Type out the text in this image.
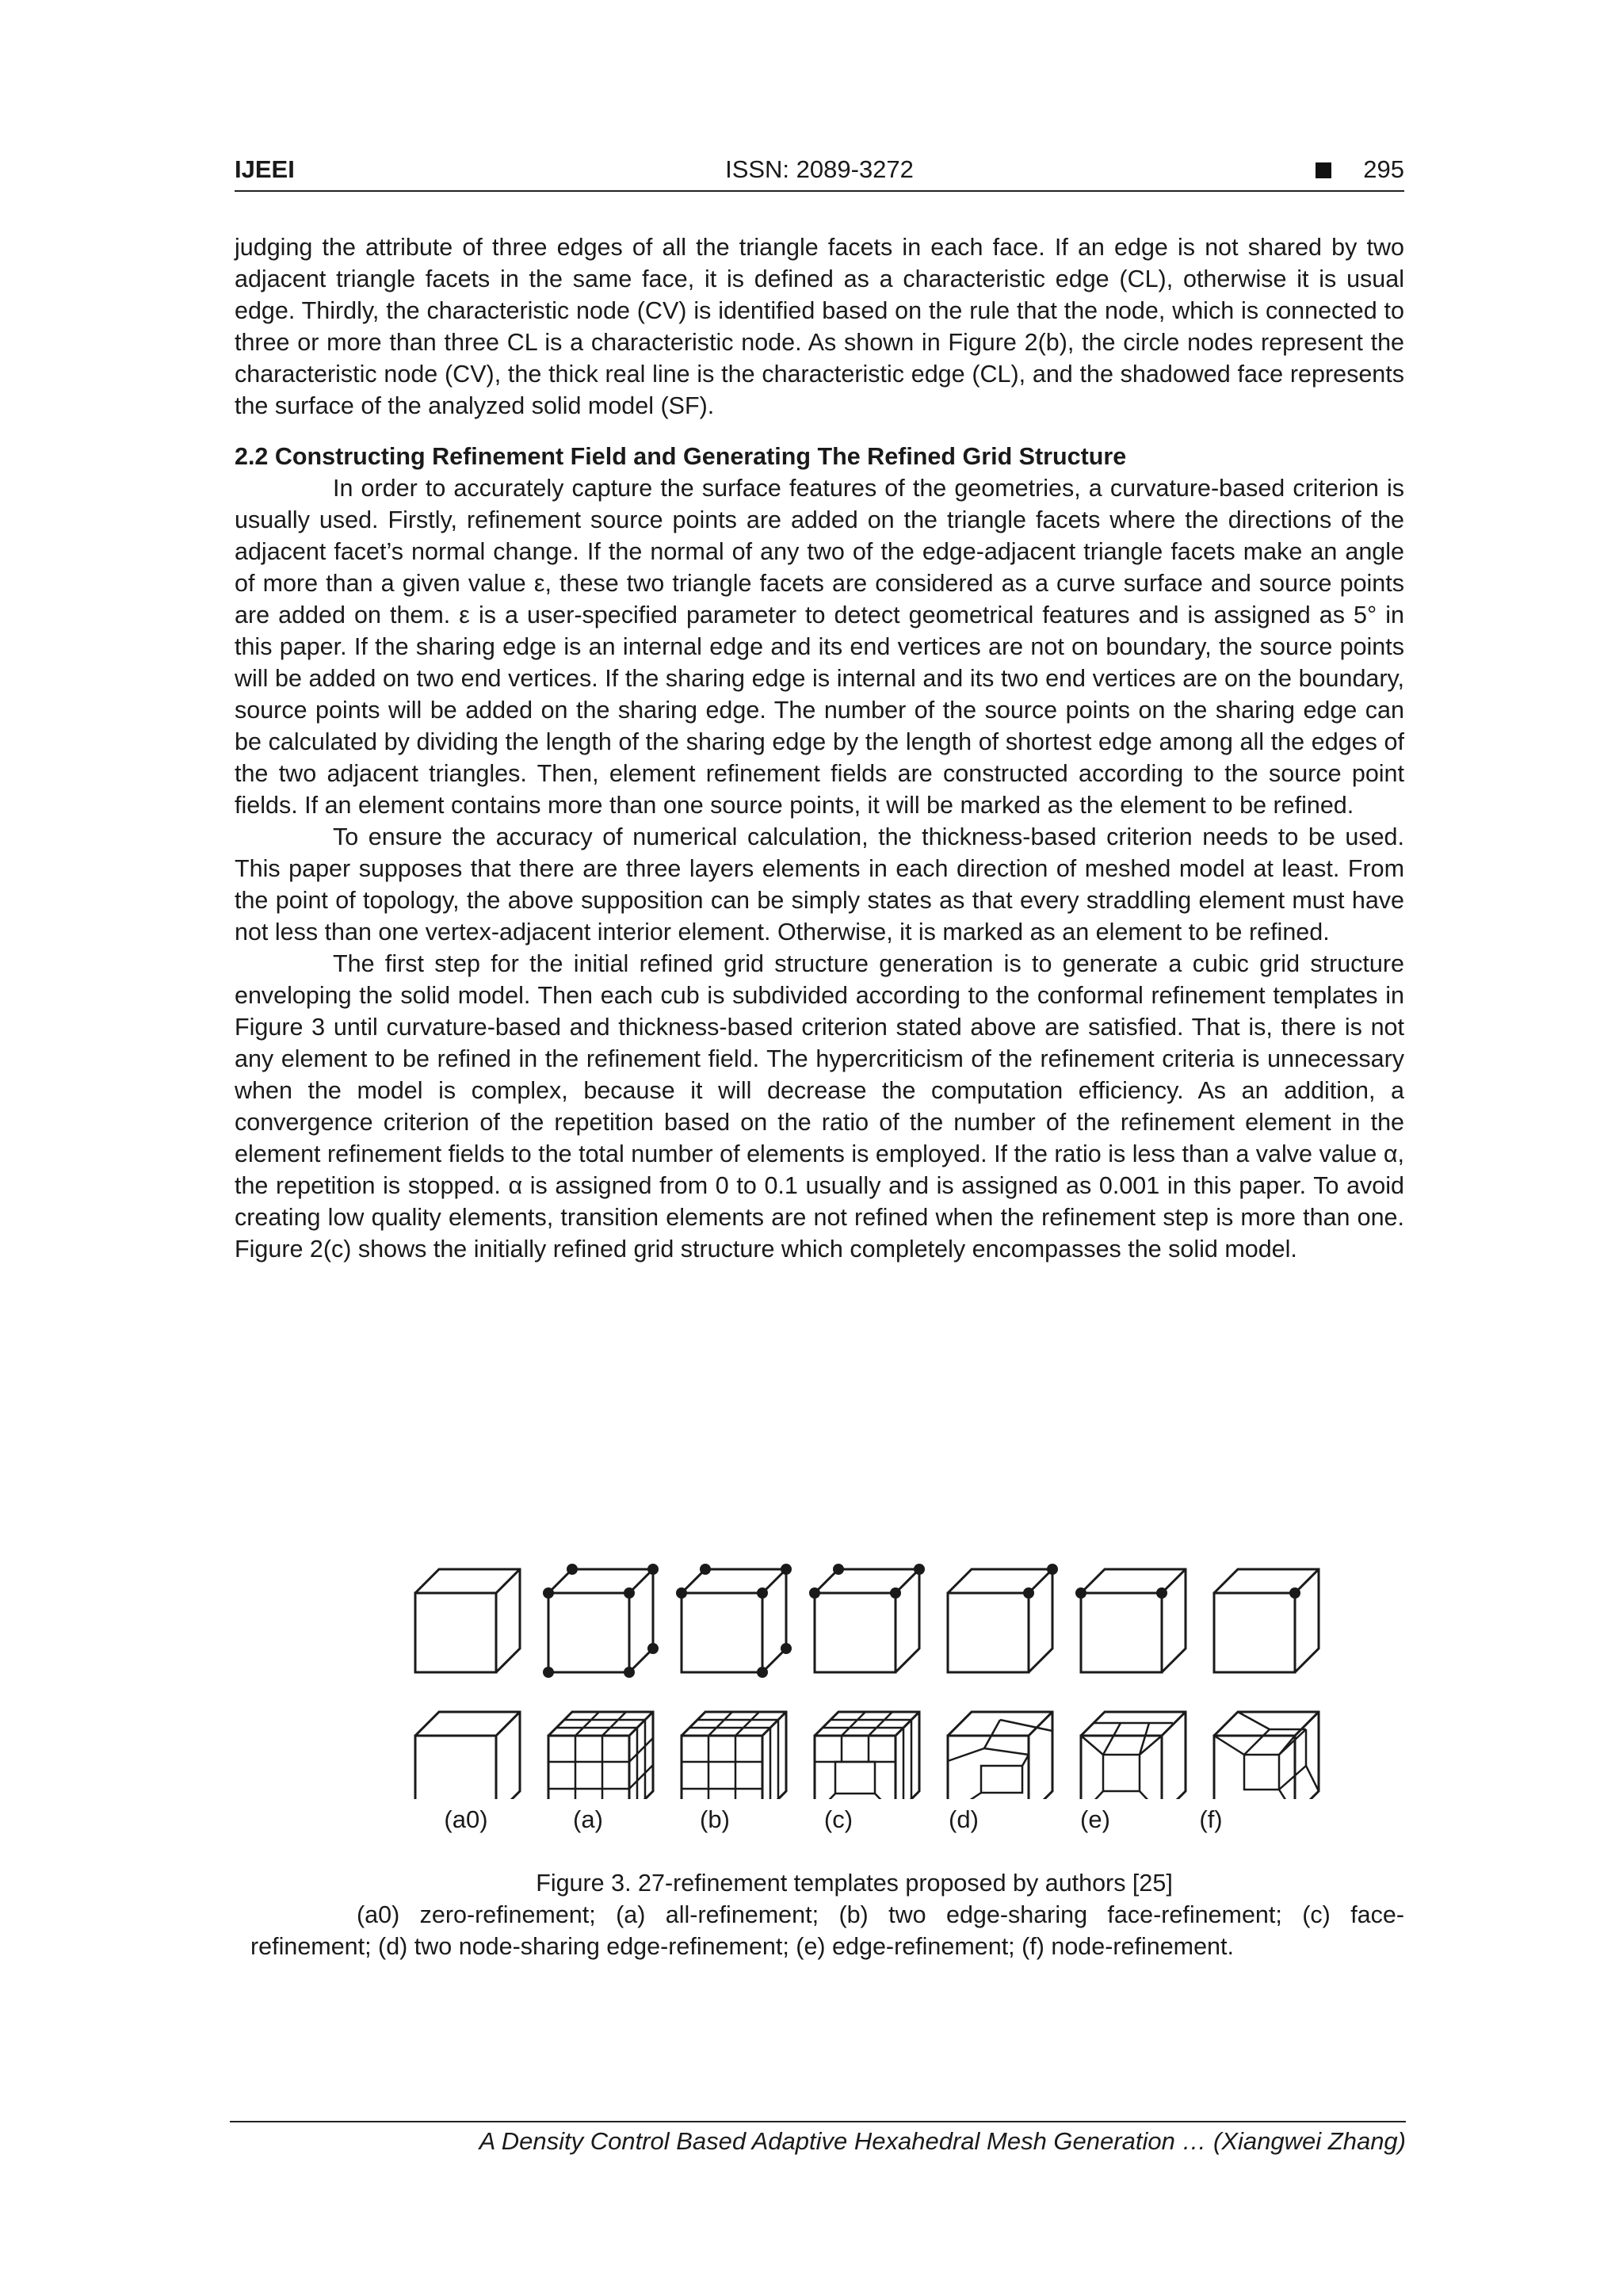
IJEEI	ISSN: 2089-3272	295

judging the attribute of three edges of all the triangle facets in each face. If an edge is not shared by two adjacent triangle facets in the same face, it is defined as a characteristic edge (CL), otherwise it is usual edge. Thirdly, the characteristic node (CV) is identified based on the rule that the node, which is connected to three or more than three CL is a characteristic node. As shown in Figure 2(b), the circle nodes represent the characteristic node (CV), the thick real line is the characteristic edge (CL), and the shadowed face represents the surface of the analyzed solid model (SF).

2.2 Constructing Refinement Field and Generating The Refined Grid Structure

In order to accurately capture the surface features of the geometries, a curvature-based criterion is usually used. Firstly, refinement source points are added on the triangle facets where the directions of the adjacent facet’s normal change. If the normal of any two of the edge-adjacent triangle facets make an angle of more than a given value ε, these two triangle facets are considered as a curve surface and source points are added on them. ε is a user-specified parameter to detect geometrical features and is assigned as 5° in this paper. If the sharing edge is an internal edge and its end vertices are not on boundary, the source points will be added on two end vertices. If the sharing edge is internal and its two end vertices are on the boundary, source points will be added on the sharing edge. The number of the source points on the sharing edge can be calculated by dividing the length of the sharing edge by the length of shortest edge among all the edges of the two adjacent triangles. Then, element refinement fields are constructed according to the source point fields. If an element contains more than one source points, it will be marked as the element to be refined.

To ensure the accuracy of numerical calculation, the thickness-based criterion needs to be used. This paper supposes that there are three layers elements in each direction of meshed model at least. From the point of topology, the above supposition can be simply states as that every straddling element must have not less than one vertex-adjacent interior element. Otherwise, it is marked as an element to be refined.

The first step for the initial refined grid structure generation is to generate a cubic grid structure enveloping the solid model. Then each cub is subdivided according to the conformal refinement templates in Figure 3 until curvature-based and thickness-based criterion stated above are satisfied. That is, there is not any element to be refined in the refinement field. The hypercriticism of the refinement criteria is unnecessary when the model is complex, because it will decrease the computation efficiency. As an addition, a convergence criterion of the repetition based on the ratio of the number of the refinement element in the element refinement fields to the total number of elements is employed. If the ratio is less than a valve value α, the repetition is stopped. α is assigned from 0 to 0.1 usually and is assigned as 0.001 in this paper. To avoid creating low quality elements, transition elements are not refined when the refinement step is more than one. Figure 2(c) shows the initially refined grid structure which completely encompasses the solid model.

(a0)	(a)	(b)	(c)	(d)	(e)	(f)
Figure 3. 27-refinement templates proposed by authors [25]
(a0) zero-refinement; (a) all-refinement; (b) two edge-sharing face-refinement; (c) face-refinement; (d) two node-sharing edge-refinement; (e) edge-refinement; (f) node-refinement.
A Density Control Based Adaptive Hexahedral Mesh Generation … (Xiangwei Zhang)
